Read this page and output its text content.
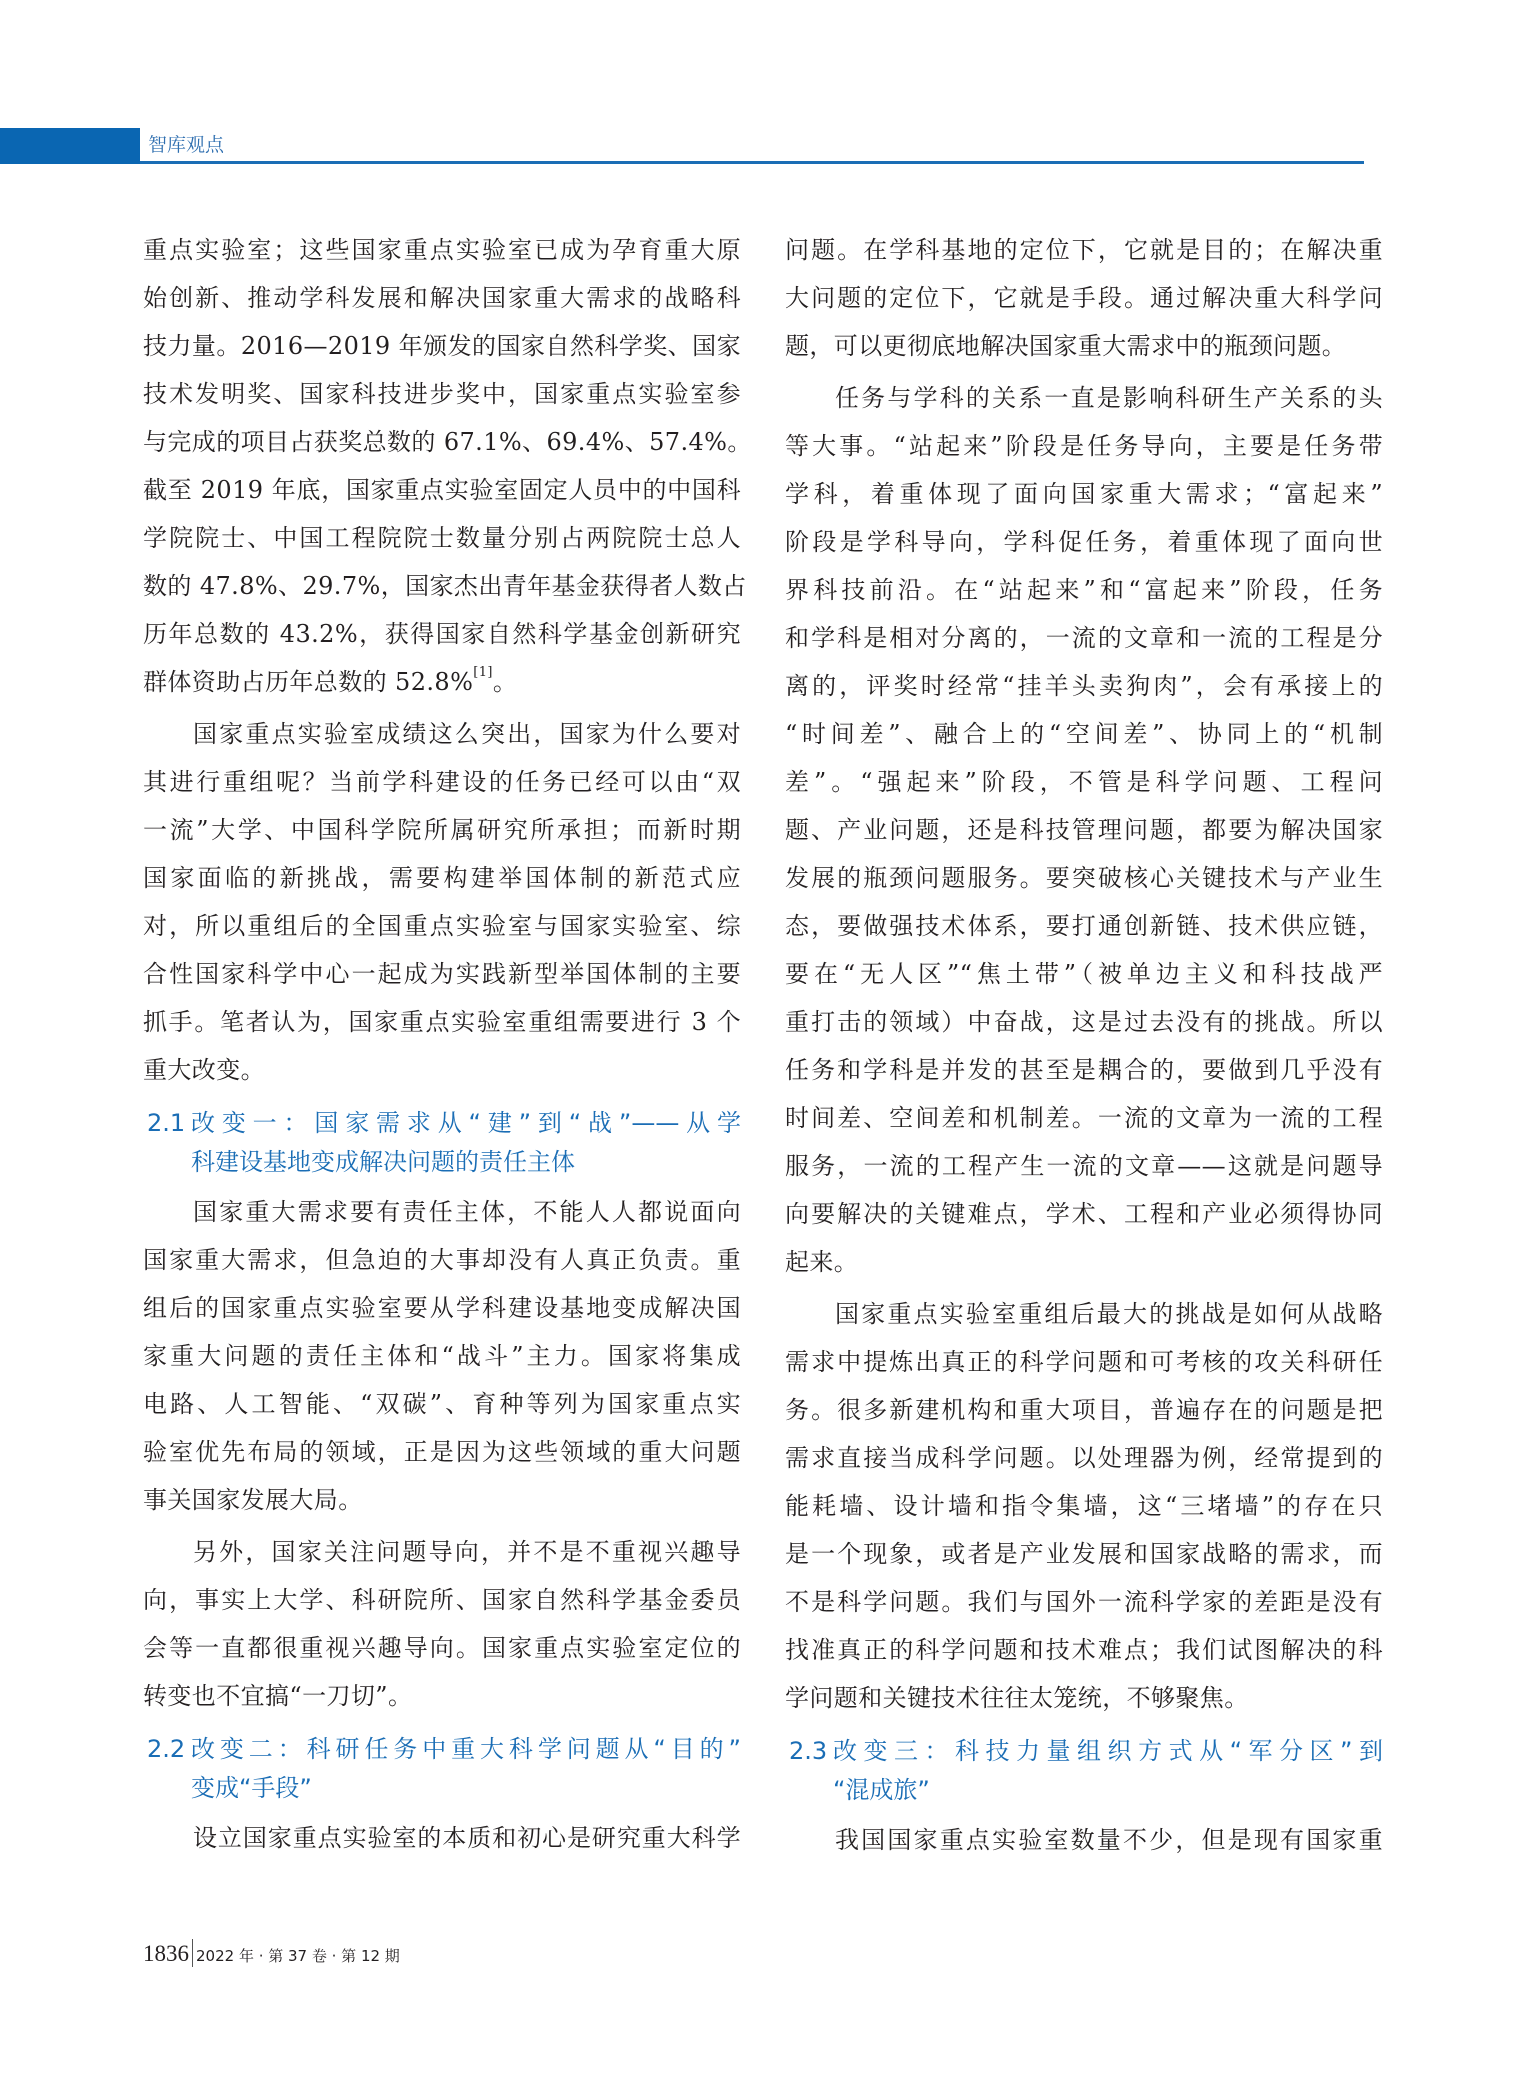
智库观点
重点实验室；这些国家重点实验室已成为孕育重大原
始创新、推动学科发展和解决国家重大需求的战略科
技力量。2016—2019 年颁发的国家自然科学奖、国家
技术发明奖、国家科技进步奖中，国家重点实验室参
与完成的项目占获奖总数的 67.1%、69.4%、57.4%。
截至 2019 年底，国家重点实验室固定人员中的中国科
学院院士、中国工程院院士数量分别占两院院士总人
数的 47.8%、29.7%，国家杰出青年基金获得者人数占
历年总数的 43.2%，获得国家自然科学基金创新研究
群体资助占历年总数的 52.8%[1]。
国家重点实验室成绩这么突出，国家为什么要对
其进行重组呢？当前学科建设的任务已经可以由“双
一流”大学、中国科学院所属研究所承担；而新时期
国家面临的新挑战，需要构建举国体制的新范式应
对，所以重组后的全国重点实验室与国家实验室、综
合性国家科学中心一起成为实践新型举国体制的主要
抓手。笔者认为，国家重点实验室重组需要进行 3 个
重大改变。
2.1 改变一：国家需求从“建”到“战”——从学
科建设基地变成解决问题的责任主体
国家重大需求要有责任主体，不能人人都说面向
国家重大需求，但急迫的大事却没有人真正负责。重
组后的国家重点实验室要从学科建设基地变成解决国
家重大问题的责任主体和“战斗”主力。国家将集成
电路、人工智能、“双碳”、育种等列为国家重点实
验室优先布局的领域，正是因为这些领域的重大问题
事关国家发展大局。
另外，国家关注问题导向，并不是不重视兴趣导
向，事实上大学、科研院所、国家自然科学基金委员
会等一直都很重视兴趣导向。国家重点实验室定位的
转变也不宜搞“一刀切”。
2.2 改变二：科研任务中重大科学问题从“目的”
变成“手段”
设立国家重点实验室的本质和初心是研究重大科学
问题。在学科基地的定位下，它就是目的；在解决重
大问题的定位下，它就是手段。通过解决重大科学问
题，可以更彻底地解决国家重大需求中的瓶颈问题。
任务与学科的关系一直是影响科研生产关系的头
等大事。“站起来”阶段是任务导向，主要是任务带
学科，着重体现了面向国家重大需求；“富起来”
阶段是学科导向，学科促任务，着重体现了面向世
界科技前沿。在“站起来”和“富起来”阶段，任务
和学科是相对分离的，一流的文章和一流的工程是分
离的，评奖时经常“挂羊头卖狗肉”，会有承接上的
“时间差”、融合上的“空间差”、协同上的“机制
差”。“强起来”阶段，不管是科学问题、工程问
题、产业问题，还是科技管理问题，都要为解决国家
发展的瓶颈问题服务。要突破核心关键技术与产业生
态，要做强技术体系，要打通创新链、技术供应链，
要在“无人区”“焦土带”（被单边主义和科技战严
重打击的领域）中奋战，这是过去没有的挑战。所以
任务和学科是并发的甚至是耦合的，要做到几乎没有
时间差、空间差和机制差。一流的文章为一流的工程
服务，一流的工程产生一流的文章——这就是问题导
向要解决的关键难点，学术、工程和产业必须得协同
起来。
国家重点实验室重组后最大的挑战是如何从战略
需求中提炼出真正的科学问题和可考核的攻关科研任
务。很多新建机构和重大项目，普遍存在的问题是把
需求直接当成科学问题。以处理器为例，经常提到的
能耗墙、设计墙和指令集墙，这“三堵墙”的存在只
是一个现象，或者是产业发展和国家战略的需求，而
不是科学问题。我们与国外一流科学家的差距是没有
找准真正的科学问题和技术难点；我们试图解决的科
学问题和关键技术往往太笼统，不够聚焦。
2.3 改变三：科技力量组织方式从“军分区”到
“混成旅”
我国国家重点实验室数量不少，但是现有国家重
1836 2022 年 · 第 37 卷 · 第 12 期
